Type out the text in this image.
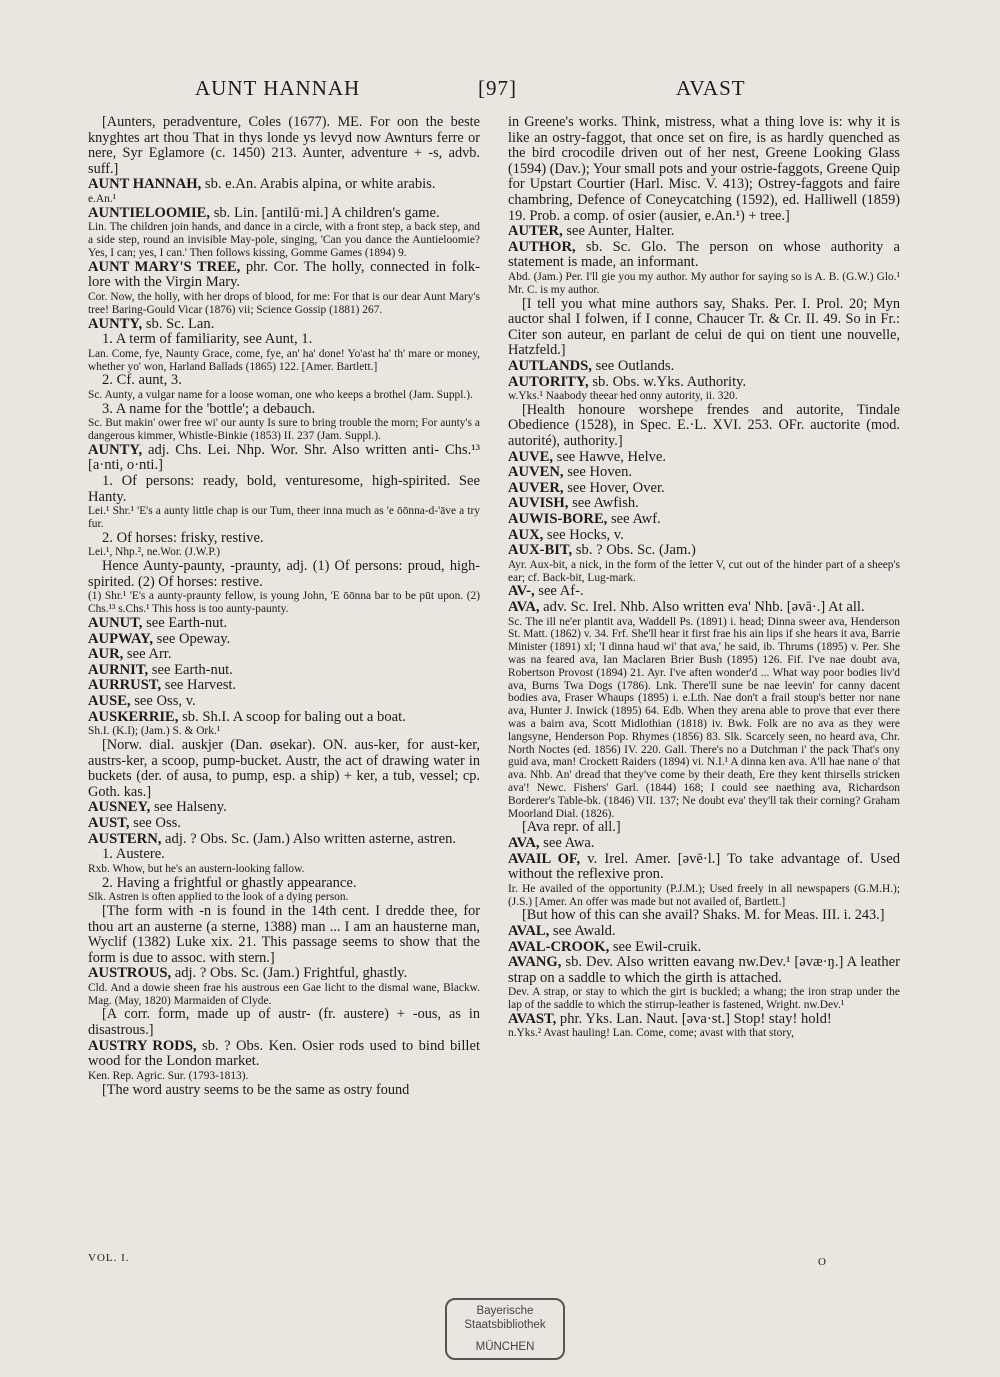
AUNT HANNAH	[97]	AVAST

[Aunters, peradventure, Coles (1677). ME. For oon the beste knyghtes art thou That in thys londe ys levyd now Awnturs ferre or nere, Syr Eglamore (c. 1450) 213. Aunter, adventure + -s, advb. suff.]

AUNT HANNAH, sb. e.An. Arabis alpina, or white arabis.

e.An.¹

AUNTIELOOMIE, sb. Lin. [antilū·mi.] A children's game.

Lin. The children join hands, and dance in a circle, with a front step, a back step, and a side step, round an invisible May-pole, singing, 'Can you dance the Auntieloomie? Yes, I can; yes, I can.' Then follows kissing, Gomme Games (1894) 9.

AUNT MARY'S TREE, phr. Cor. The holly, connected in folk-lore with the Virgin Mary.

Cor. Now, the holly, with her drops of blood, for me: For that is our dear Aunt Mary's tree! Baring-Gould Vicar (1876) vii; Science Gossip (1881) 267.

AUNTY, sb. Sc. Lan.

1. A term of familiarity, see Aunt, 1.

Lan. Come, fye, Naunty Grace, come, fye, an' ha' done! Yo'ast ha' th' mare or money, whether yo' won, Harland Ballads (1865) 122. [Amer. Bartlett.]

2. Cf. aunt, 3.

Sc. Aunty, a vulgar name for a loose woman, one who keeps a brothel (Jam. Suppl.).

3. A name for the 'bottle'; a debauch.

Sc. But makin' ower free wi' our aunty Is sure to bring trouble the morn; For aunty's a dangerous kimmer, Whistle-Binkie (1853) II. 237 (Jam. Suppl.).

AUNTY, adj. Chs. Lei. Nhp. Wor. Shr. Also written anti- Chs.¹³ [a·nti, o·nti.]

1. Of persons: ready, bold, venturesome, high-spirited. See Hanty.

Lei.¹ Shr.¹ 'E's a aunty little chap is our Tum, theer inna much as 'e ōōnna-d-'āve a try fur.

2. Of horses: frisky, restive.

Lei.¹, Nhp.², ne.Wor. (J.W.P.)

Hence Aunty-paunty, -praunty, adj. (1) Of persons: proud, high-spirited. (2) Of horses: restive.

(1) Shr.¹ 'E's a aunty-praunty fellow, is young John, 'E ōōnna bar to be pūt upon. (2) Chs.¹³ s.Chs.¹ This hoss is too aunty-paunty.

AUNUT, see Earth-nut.

AUPWAY, see Opeway.

AUR, see Arr.

AURNIT, see Earth-nut.

AURRUST, see Harvest.

AUSE, see Oss, v.

AUSKERRIE, sb. Sh.I. A scoop for baling out a boat.

Sh.I. (K.I); (Jam.) S. & Ork.¹

[Norw. dial. auskjer (Dan. øsekar). ON. aus-ker, for aust-ker, austrs-ker, a scoop, pump-bucket. Austr, the act of drawing water in buckets (der. of ausa, to pump, esp. a ship) + ker, a tub, vessel; cp. Goth. kas.]

AUSNEY, see Halseny.

AUST, see Oss.

AUSTERN, adj. ? Obs. Sc. (Jam.) Also written asterne, astren.

1. Austere.

Rxb. Whow, but he's an austern-looking fallow.

2. Having a frightful or ghastly appearance.

Slk. Astren is often applied to the look of a dying person.

[The form with -n is found in the 14th cent. I dredde thee, for thou art an austerne (a sterne, 1388) man ... I am an hausterne man, Wyclif (1382) Luke xix. 21. This passage seems to show that the form is due to assoc. with stern.]

AUSTROUS, adj. ? Obs. Sc. (Jam.) Frightful, ghastly.

Cld. And a dowie sheen frae his austrous een Gae licht to the dismal wane, Blackw. Mag. (May, 1820) Marmaiden of Clyde.

[A corr. form, made up of austr- (fr. austere) + -ous, as in disastrous.]

AUSTRY RODS, sb. ? Obs. Ken. Osier rods used to bind billet wood for the London market.

Ken. Rep. Agric. Sur. (1793-1813).

[The word austry seems to be the same as ostry found

in Greene's works. Think, mistress, what a thing love is: why it is like an ostry-faggot, that once set on fire, is as hardly quenched as the bird crocodile driven out of her nest, Greene Looking Glass (1594) (Dav.); Your small pots and your ostrie-faggots, Greene Quip for Upstart Courtier (Harl. Misc. V. 413); Ostrey-faggots and faire chambring, Defence of Coneycatching (1592), ed. Halliwell (1859) 19. Prob. a comp. of osier (ausier, e.An.¹) + tree.]

AUTER, see Aunter, Halter.

AUTHOR, sb. Sc. Glo. The person on whose authority a statement is made, an informant.

Abd. (Jam.) Per. I'll gie you my author. My author for saying so is A. B. (G.W.) Glo.¹ Mr. C. is my author.

[I tell you what mine authors say, Shaks. Per. I. Prol. 20; Myn auctor shal I folwen, if I conne, Chaucer Tr. & Cr. II. 49. So in Fr.: Citer son auteur, en parlant de celui de qui on tient une nouvelle, Hatzfeld.]

AUTLANDS, see Outlands.

AUTORITY, sb. Obs. w.Yks. Authority.

w.Yks.¹ Naabody theear hed onny autority, ii. 320.

[Health honoure worshepe frendes and autorite, Tindale Obedience (1528), in Spec. E.·L. XVI. 253. OFr. auctorite (mod. autorité), authority.]

AUVE, see Hawve, Helve.

AUVEN, see Hoven.

AUVER, see Hover, Over.

AUVISH, see Awfish.

AUWIS-BORE, see Awf.

AUX, see Hocks, v.

AUX-BIT, sb. ? Obs. Sc. (Jam.)

Ayr. Aux-bit, a nick, in the form of the letter V, cut out of the hinder part of a sheep's ear; cf. Back-bit, Lug-mark.

AV-, see Af-.

AVA, adv. Sc. Irel. Nhb. Also written eva' Nhb. [əvā·.] At all.

Sc. The ill ne'er plantit ava, Waddell Ps. (1891) i. head; Dinna sweer ava, Henderson St. Matt. (1862) v. 34. Frf. She'll hear it first frae his ain lips if she hears it ava, Barrie Minister (1891) xl; 'I dinna haud wi' that ava,' he said, ib. Thrums (1895) v. Per. She was na feared ava, Ian Maclaren Brier Bush (1895) 126. Fif. I've nae doubt ava, Robertson Provost (1894) 21. Ayr. I've aften wonder'd ... What way poor bodies liv'd ava, Burns Twa Dogs (1786). Lnk. There'll sune be nae leevin' for canny dacent bodies ava, Fraser Whaups (1895) i. e.Lth. Nae don't a frail stoup's better nor nane ava, Hunter J. Inwick (1895) 64. Edb. When they arena able to prove that ever there was a bairn ava, Scott Midlothian (1818) iv. Bwk. Folk are no ava as they were langsyne, Henderson Pop. Rhymes (1856) 83. Slk. Scarcely seen, no heard ava, Chr. North Noctes (ed. 1856) IV. 220. Gall. There's no a Dutchman i' the pack That's ony guid ava, man! Crockett Raiders (1894) vi. N.I.¹ A dinna ken ava. A'll hae nane o' that ava. Nhb. An' dread that they've come by their death, Ere they kent thirsells stricken ava'! Newc. Fishers' Garl. (1844) 168; I could see naething ava, Richardson Borderer's Table-bk. (1846) VII. 137; Ne doubt eva' they'll tak their corning? Graham Moorland Dial. (1826).

[Ava repr. of all.]

AVA, see Awa.

AVAIL OF, v. Irel. Amer. [əvē·l.] To take advantage of. Used without the reflexive pron.

Ir. He availed of the opportunity (P.J.M.); Used freely in all newspapers (G.M.H.); (J.S.) [Amer. An offer was made but not availed of, Bartlett.]

[But how of this can she avail? Shaks. M. for Meas. III. i. 243.]

AVAL, see Awald.

AVAL-CROOK, see Ewil-cruik.

AVANG, sb. Dev. Also written eavang nw.Dev.¹ [əvæ·ŋ.] A leather strap on a saddle to which the girth is attached.

Dev. A strap, or stay to which the girt is buckled; a whang; the iron strap under the lap of the saddle to which the stirrup-leather is fastened, Wright. nw.Dev.¹

AVAST, phr. Yks. Lan. Naut. [əva·st.] Stop! stay! hold!

n.Yks.² Avast hauling! Lan. Come, come; avast with that story,

VOL. I.	O
Bayerische
Staatsbibliothek
MÜNCHEN
